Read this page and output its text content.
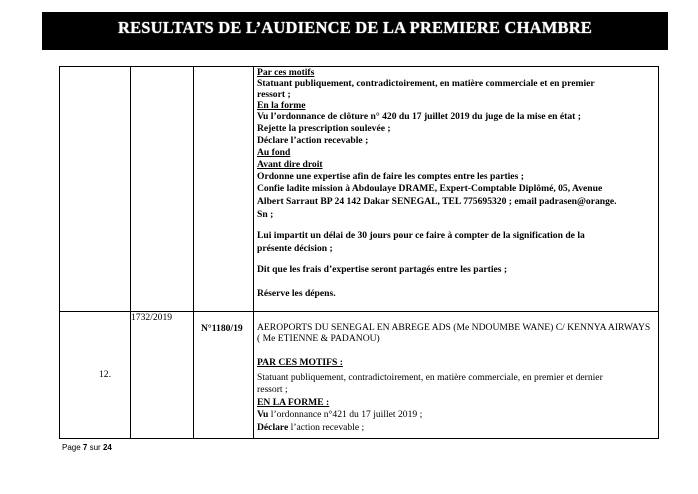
RESULTATS DE L’AUDIENCE DE LA PREMIERE CHAMBRE
Par ces motifs
Statuant publiquement, contradictoirement, en matière commerciale et en premier
ressort ;
En la forme
Vu l’ordonnance de clôture n° 420 du 17 juillet 2019 du juge de la mise en état ;
Rejette la prescription soulevée ;
Déclare l’action recevable ;
Au fond
Avant dire droit
Ordonne une expertise afin de faire les comptes entre les parties ;
Confie ladite mission à Abdoulaye DRAME, Expert-Comptable Diplômé, 05, Avenue
Albert Sarraut BP 24 142 Dakar SENEGAL, TEL 775695320 ; email padrasen@orange.
Sn ;
Lui impartit un délai de 30 jours pour ce faire à compter de la signification de la
présente décision ;
Dit que les frais d’expertise seront partagés entre les parties ;
Réserve les dépens.
12.
1732/2019
N°1180/19 AEROPORTS DU SENEGAL EN ABREGE ADS (Me NDOUMBE WANE) C/ KENNYA AIRWAYS
( Me ETIENNE & PADANOU)
PAR CES MOTIFS :
Statuant publiquement, contradictoirement, en matière commerciale, en premier et dernier
ressort ;
EN LA FORME :
Vu l’ordonnance n°421 du 17 juillet 2019 ;
Déclare l’action recevable ;
Page 7 sur 24
